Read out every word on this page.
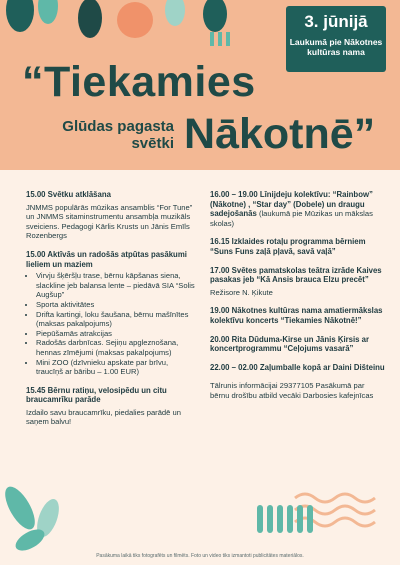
3. jūnijā
Laukumā pie Nākotnes kultūras nama
“Tiekamies
Glūdas pagasta svētki Nākotnē”
15.00 Svētku atklāšana

JNMMS populārās mūzikas ansamblis “For Tune” un JNMMS sitaminstrumentu ansambļa muzikāls sveiciens. Pedagogi Kārlis Krusts un Jānis Emīls Rozenbergs

15.00 Aktīvās un radošās atpūtas pasākumi lieliem un maziem
• Virvju šķēršļu trase, bērnu kāpšanas siena, slackline jeb balansa lente – piedāvā SIA “Solis Augšup”
• Sporta aktivitātes
• Drifta kartingi, loku šaušana, bērnu mašīnītes (maksas pakalpojums)
• Piepūšamās atrakcijas
• Radošās darbnīcas. Sejiņu apgleznošana, hennas zīmējumi (maksas pakalpojums)
• Mini ZOO (dzīvnieku apskate par brīvu, traucīņš ar bāribu – 1.00 EUR)
15.45 Bērnu ratiņu, velosipēdu un citu braucamrīku parāde

Izdailo savu braucamrīku, piedalies parādē un saņem balvu!

16.00 – 19.00 Līnijdeju kolektīvu: “Rainbow” (Nākotne) , “Star day” (Dobele) un draugu sadejošanās (laukumā pie Mūzikas un mākslas skolas)
16.15 Izklaides rotaļu programma bērniem “Suns Funs zaļā pļavā, savā vaļā”
17.00 Svētes pamatskolas teātra izrāde Kaives pasakas jeb “Kā Ansis brauca Elzu precēt”

Režisore N. Ķikute

19.00 Nākotnes kultūras nama amatiermākslas kolektīvu koncerts “Tiekamies Nākotnē!”
20.00 Rita Dūduma-Kirse un Jānis Ķirsis ar koncertprogrammu “Ceļojums vasarā”
22.00 – 02.00 Zaļumballe kopā ar Daini Dišteinu

Tālrunis informācijai 29377105 Pasākumā par bērnu drošību atbild vecāki Darbosies kafejnīcas

Pasākuma laikā tiks fotografēts un filmēts. Foto un video tiks izmantoti publicitātes materiālos.
